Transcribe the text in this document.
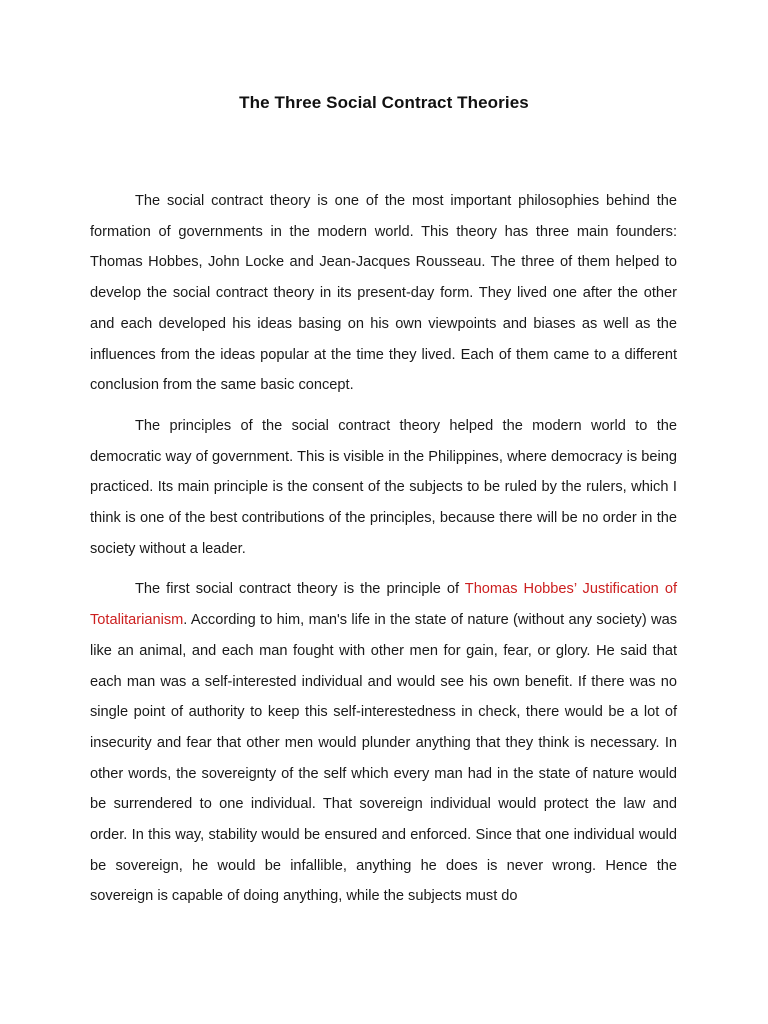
The Three Social Contract Theories

The social contract theory is one of the most important philosophies behind the formation of governments in the modern world. This theory has three main founders: Thomas Hobbes, John Locke and Jean-Jacques Rousseau. The three of them helped to develop the social contract theory in its present-day form. They lived one after the other and each developed his ideas basing on his own viewpoints and biases as well as the influences from the ideas popular at the time they lived. Each of them came to a different conclusion from the same basic concept.

The principles of the social contract theory helped the modern world to the democratic way of government. This is visible in the Philippines, where democracy is being practiced. Its main principle is the consent of the subjects to be ruled by the rulers, which I think is one of the best contributions of the principles, because there will be no order in the society without a leader.

The first social contract theory is the principle of Thomas Hobbes’ Justification of Totalitarianism. According to him, man's life in the state of nature (without any society) was like an animal, and each man fought with other men for gain, fear, or glory. He said that each man was a self-interested individual and would see his own benefit. If there was no single point of authority to keep this self-interestedness in check, there would be a lot of insecurity and fear that other men would plunder anything that they think is necessary. In other words, the sovereignty of the self which every man had in the state of nature would be surrendered to one individual. That sovereign individual would protect the law and order. In this way, stability would be ensured and enforced. Since that one individual would be sovereign, he would be infallible, anything he does is never wrong. Hence the sovereign is capable of doing anything, while the subjects must do
